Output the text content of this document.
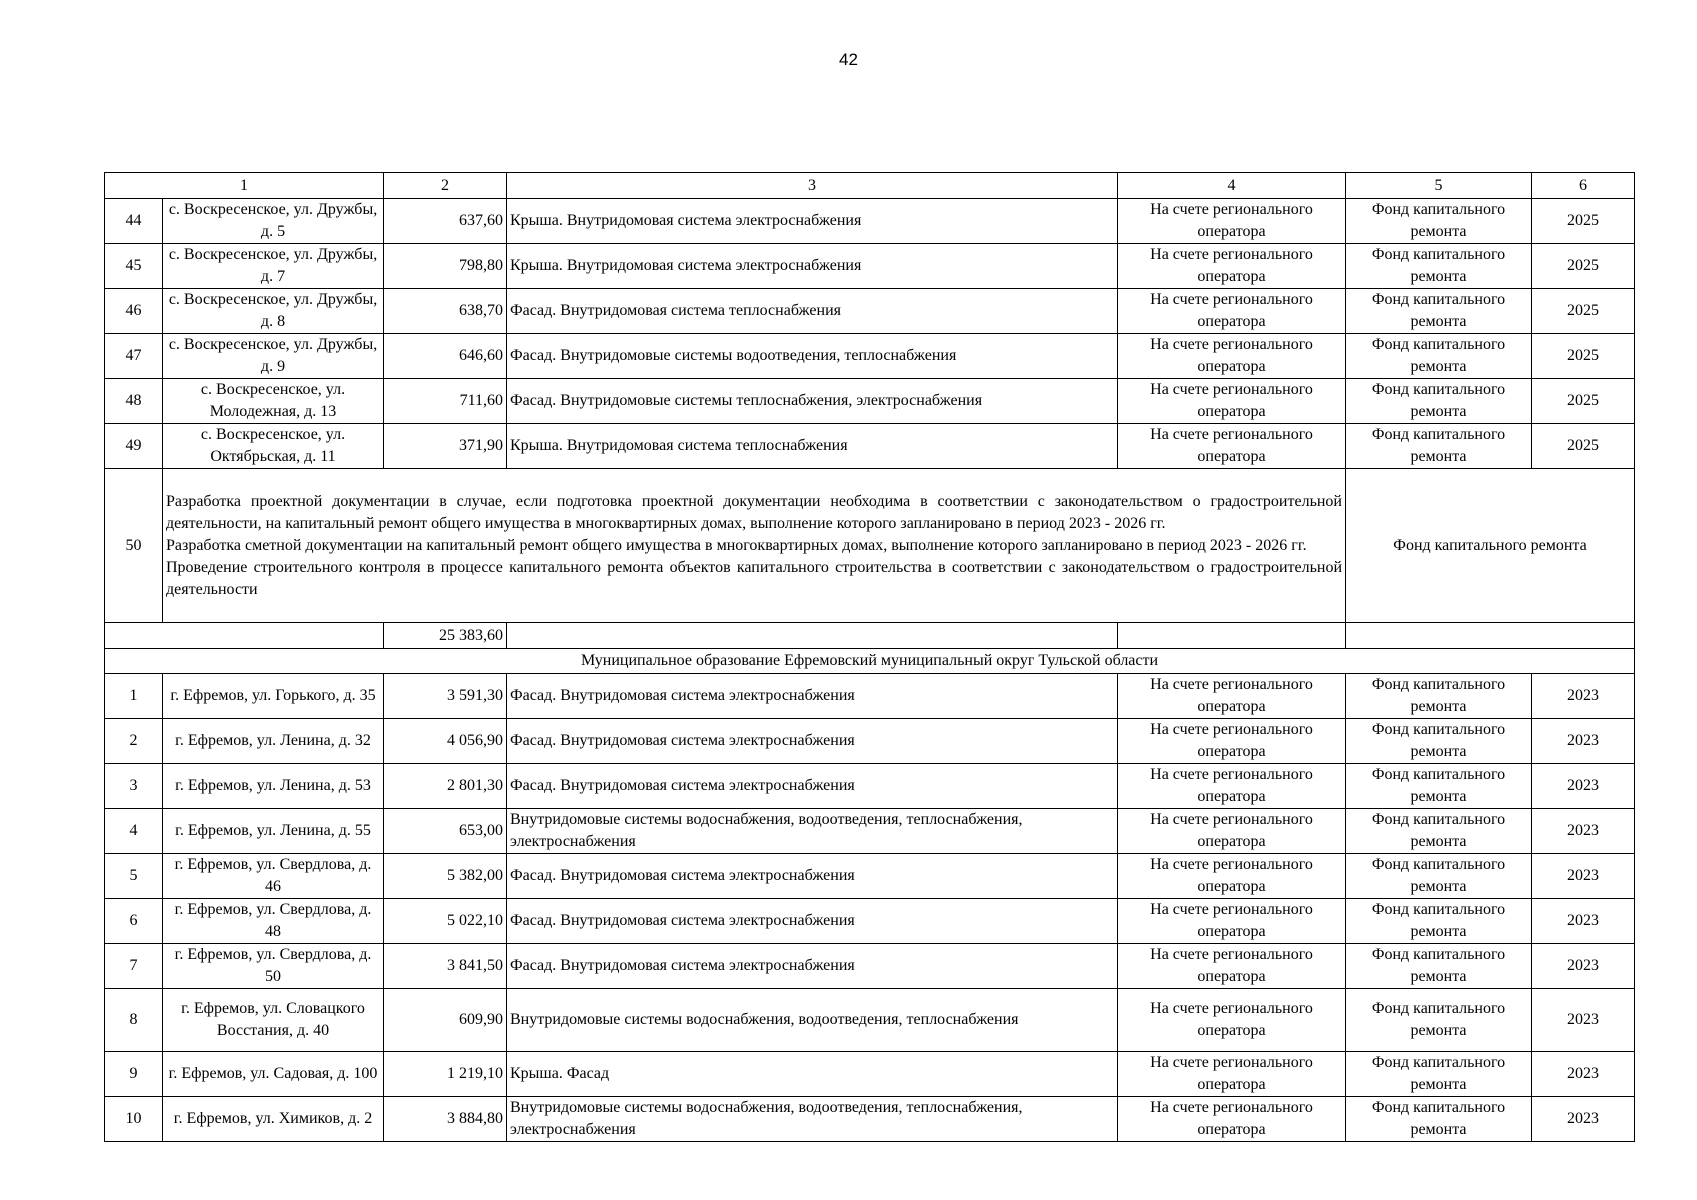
42
1		2	3	4	5	6
44	с. Воскресенское, ул. Дружбы, д. 5	637,60	Крыша. Внутридомовая система электроснабжения	На счете регионального оператора	Фонд капитального ремонта	2025
45	с. Воскресенское, ул. Дружбы, д. 7	798,80	Крыша. Внутридомовая система электроснабжения	На счете регионального оператора	Фонд капитального ремонта	2025
46	с. Воскресенское, ул. Дружбы, д. 8	638,70	Фасад. Внутридомовая система теплоснабжения	На счете регионального оператора	Фонд капитального ремонта	2025
47	с. Воскресенское, ул. Дружбы, д. 9	646,60	Фасад. Внутридомовые системы водоотведения, теплоснабжения	На счете регионального оператора	Фонд капитального ремонта	2025
48	с. Воскресенское, ул. Молодежная, д. 13	711,60	Фасад. Внутридомовые системы теплоснабжения, электроснабжения	На счете регионального оператора	Фонд капитального ремонта	2025
49	с. Воскресенское, ул. Октябрьская, д. 11	371,90	Крыша. Внутридомовая система теплоснабжения	На счете регионального оператора	Фонд капитального ремонта	2025
50	Разработка проектной документации в случае, если подготовка проектной документации необходима в соответствии с законодательством о градостроительной деятельности, на капитальный ремонт общего имущества в многоквартирных домах, выполнение которого запланировано в период 2023 - 2026 гг.

Разработка сметной документации на капитальный ремонт общего имущества в многоквартирных домах, выполнение которого запланировано в период 2023 - 2026 гг.

Проведение строительного контроля в процессе капитального ремонта объектов капитального строительства в соответствии с законодательством о градостроительной деятельности				Фонд капитального ремонта	
		25 383,60				
Муниципальное образование Ефремовский муниципальный округ Тульской области						
1	г. Ефремов, ул. Горького, д. 35	3 591,30	Фасад. Внутридомовая система электроснабжения	На счете регионального оператора	Фонд капитального ремонта	2023
2	г. Ефремов, ул. Ленина, д. 32	4 056,90	Фасад. Внутридомовая система электроснабжения	На счете регионального оператора	Фонд капитального ремонта	2023
3	г. Ефремов, ул. Ленина, д. 53	2 801,30	Фасад. Внутридомовая система электроснабжения	На счете регионального оператора	Фонд капитального ремонта	2023
4	г. Ефремов, ул. Ленина, д. 55	653,00	Внутридомовые системы водоснабжения, водоотведения, теплоснабжения, электроснабжения	На счете регионального оператора	Фонд капитального ремонта	2023
5	г. Ефремов, ул. Свердлова, д. 46	5 382,00	Фасад. Внутридомовая система электроснабжения	На счете регионального оператора	Фонд капитального ремонта	2023
6	г. Ефремов, ул. Свердлова, д. 48	5 022,10	Фасад. Внутридомовая система электроснабжения	На счете регионального оператора	Фонд капитального ремонта	2023
7	г. Ефремов, ул. Свердлова, д. 50	3 841,50	Фасад. Внутридомовая система электроснабжения	На счете регионального оператора	Фонд капитального ремонта	2023
8	г. Ефремов, ул. Словацкого Восстания, д. 40	609,90	Внутридомовые системы водоснабжения, водоотведения, теплоснабжения	На счете регионального оператора	Фонд капитального ремонта	2023
9	г. Ефремов, ул. Садовая, д. 100	1 219,10	Крыша. Фасад	На счете регионального оператора	Фонд капитального ремонта	2023
10	г. Ефремов, ул. Химиков, д. 2	3 884,80	Внутридомовые системы водоснабжения, водоотведения, теплоснабжения, электроснабжения	На счете регионального оператора	Фонд капитального ремонта	2023
